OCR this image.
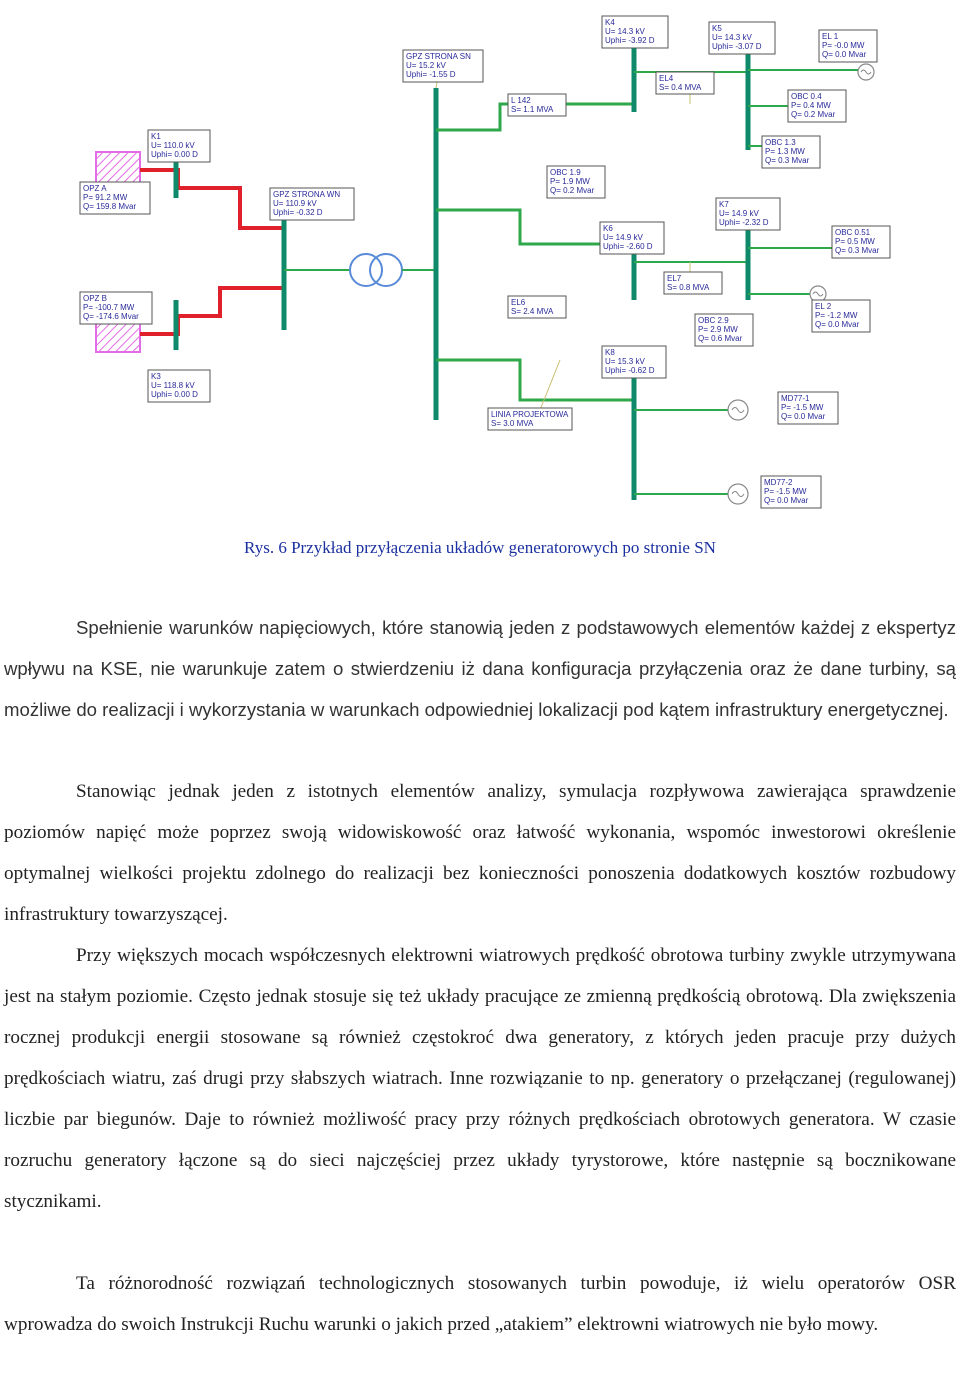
K4
U= 14.3 kV
Uphi= -3.92 D
K5
U= 14.3 kV
Uphi= -3.07 D
EL 1
P= -0.0 MW
Q= 0.0 Mvar
GPZ STRONA SN
U= 15.2 kV
Uphi= -1.55 D	EL4
S= 0.4 MVA
OBC 0.4
P= 0.4 MW
Q= 0.2 Mvar
L 142
S= 1.1 MVA
K1
U= 110.0 kV
Uphi= 0.00 D
OBC 1.3
P= 1.3 MW
Q= 0.3 Mvar
OBC 1.9
P= 1.9 MW
Q= 0.2 Mvar
OPZ A
P= 91.2 MW
Q= 159.8 Mvar
GPZ STRONA WN
U= 110.9 kV
Uphi= -0.32 D
K7
U= 14.9 kV
Uphi= -2.32 D
K6
U= 14.9 kV
Uphi= -2.60 D
OBC 0.51
P= 0.5 MW
Q= 0.3 Mvar
EL7
S= 0.8 MVA
OPZ B
P= -100.7 MW
Q= -174.6 Mvar
EL6
S= 2.4 MVA
EL 2
P= -1.2 MW
Q= 0.0 Mvar
OBC 2.9
P= 2.9 MW
Q= 0.6 Mvar
K8
U= 15.3 kV
Uphi= -0.62 D
K3
U= 118.8 kV
Uphi= 0.00 D	MD77-1
P= -1.5 MW
Q= 0.0 Mvar
LINIA PROJEKTOWA
S= 3.0 MVA
MD77-2
P= -1.5 MW
Q= 0.0 Mvar
Rys. 6 Przykład przyłączenia układów generatorowych po stronie SN

Spełnienie warunków napięciowych, które stanowią jeden z podstawowych elementów każdej z ekspertyz wpływu na KSE, nie warunkuje zatem o stwierdzeniu iż dana konfiguracja przyłączenia oraz że dane turbiny, są możliwe do realizacji i wykorzystania w warunkach odpowiedniej lokalizacji pod kątem infrastruktury energetycznej.

Stanowiąc jednak jeden z istotnych elementów analizy, symulacja rozpływowa zawierająca sprawdzenie poziomów napięć może poprzez swoją widowiskowość oraz łatwość wykonania, wspomóc inwestorowi określenie optymalnej wielkości projektu zdolnego do realizacji bez konieczności ponoszenia dodatkowych kosztów rozbudowy infrastruktury towarzyszącej.

Przy większych mocach współczesnych elektrowni wiatrowych prędkość obrotowa turbiny zwykle utrzymywana jest na stałym poziomie. Często jednak stosuje się też układy pracujące ze zmienną prędkością obrotową. Dla zwiększenia rocznej produkcji energii stosowane są również częstokroć dwa generatory, z których jeden pracuje przy dużych prędkościach wiatru, zaś drugi przy słabszych wiatrach. Inne rozwiązanie to np. generatory o przełączanej (regulowanej) liczbie par biegunów. Daje to również możliwość pracy przy różnych prędkościach obrotowych generatora. W czasie rozruchu generatory łączone są do sieci najczęściej przez układy tyrystorowe, które następnie są bocznikowane stycznikami.

Ta różnorodność rozwiązań technologicznych stosowanych turbin powoduje, iż wielu operatorów OSR wprowadza do swoich Instrukcji Ruchu warunki o jakich przed „atakiem” elektrowni wiatrowych nie było mowy.
